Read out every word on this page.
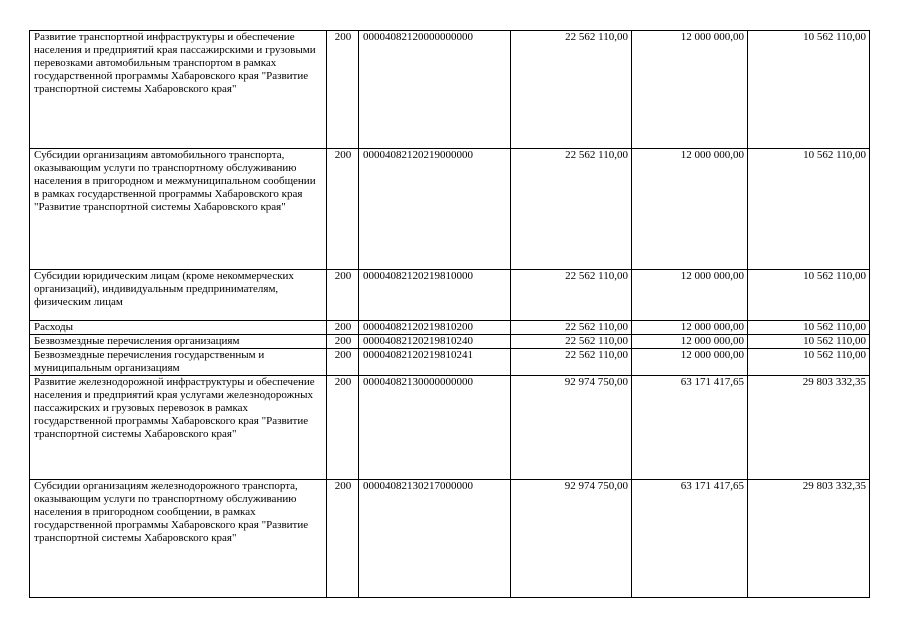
Развитие транспортной инфраструктуры и обеспечение населения и предприятий края пассажирскими и грузовыми перевозками автомобильным транспортом в рамках государственной программы Хабаровского края "Развитие транспортной системы Хабаровского края"	200	00004082120000000000	22 562 110,00	12 000 000,00	10 562 110,00
Субсидии организациям автомобильного транспорта, оказывающим услуги по транспортному обслуживанию населения в пригородном и межмуниципальном сообщении в рамках государственной программы Хабаровского края "Развитие транспортной системы Хабаровского края"	200	00004082120219000000	22 562 110,00	12 000 000,00	10 562 110,00
Субсидии юридическим лицам (кроме некоммерческих организаций), индивидуальным предпринимателям, физическим лицам	200	00004082120219810000	22 562 110,00	12 000 000,00	10 562 110,00
Расходы	200	00004082120219810200	22 562 110,00	12 000 000,00	10 562 110,00
Безвозмездные перечисления организациям	200	00004082120219810240	22 562 110,00	12 000 000,00	10 562 110,00
Безвозмездные перечисления государственным и муниципальным организациям	200	00004082120219810241	22 562 110,00	12 000 000,00	10 562 110,00
Развитие железнодорожной инфраструктуры и обеспечение населения и предприятий края услугами железнодорожных пассажирских и грузовых перевозок в рамках государственной программы Хабаровского края "Развитие транспортной системы Хабаровского края"	200	00004082130000000000	92 974 750,00	63 171 417,65	29 803 332,35
Субсидии организациям железнодорожного транспорта, оказывающим услуги по транспортному обслуживанию населения в пригородном сообщении, в рамках государственной программы Хабаровского края "Развитие транспортной системы Хабаровского края"	200	00004082130217000000	92 974 750,00	63 171 417,65	29 803 332,35
